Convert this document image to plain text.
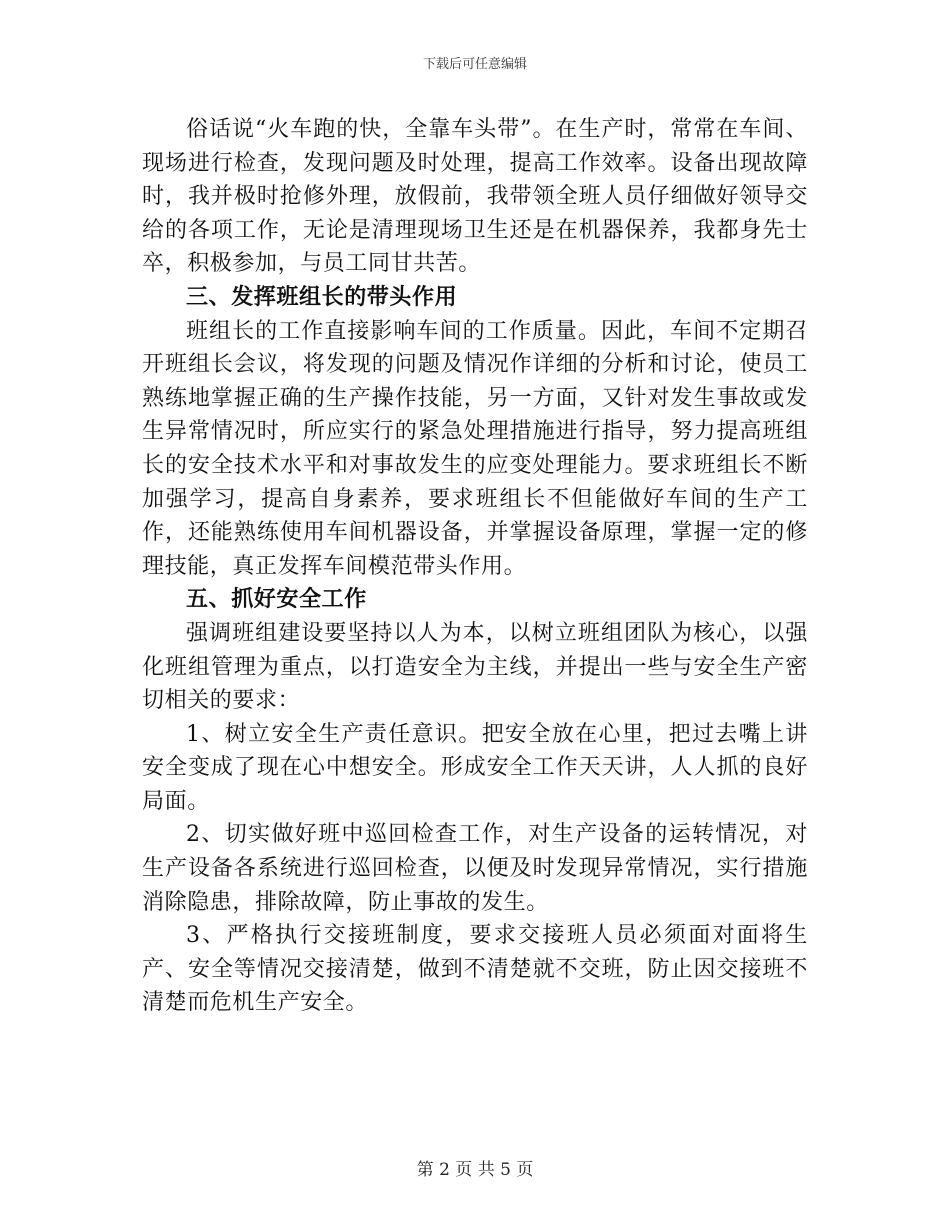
下载后可任意编辑

俗话说“火车跑的快，全靠车头带”。在生产时，常常在车间、现场进行检查，发现问题及时处理，提高工作效率。设备出现故障时，我并极时抢修外理，放假前，我带领全班人员仔细做好领导交给的各项工作，无论是清理现场卫生还是在机器保养，我都身先士卒，积极参加，与员工同甘共苦。

三、发挥班组长的带头作用

班组长的工作直接影响车间的工作质量。因此，车间不定期召开班组长会议，将发现的问题及情况作详细的分析和讨论，使员工熟练地掌握正确的生产操作技能，另一方面，又针对发生事故或发生异常情况时，所应实行的紧急处理措施进行指导，努力提高班组长的安全技术水平和对事故发生的应变处理能力。要求班组长不断加强学习，提高自身素养，要求班组长不但能做好车间的生产工作，还能熟练使用车间机器设备，并掌握设备原理，掌握一定的修理技能，真正发挥车间模范带头作用。

五、抓好安全工作

强调班组建设要坚持以人为本，以树立班组团队为核心，以强化班组管理为重点，以打造安全为主线，并提出一些与安全生产密切相关的要求：

1、树立安全生产责任意识。把安全放在心里，把过去嘴上讲安全变成了现在心中想安全。形成安全工作天天讲，人人抓的良好局面。

2、切实做好班中巡回检查工作，对生产设备的运转情况，对生产设备各系统进行巡回检查，以便及时发现异常情况，实行措施消除隐患，排除故障，防止事故的发生。

3、严格执行交接班制度，要求交接班人员必须面对面将生产、安全等情况交接清楚，做到不清楚就不交班，防止因交接班不清楚而危机生产安全。

第 2 页 共 5 页
